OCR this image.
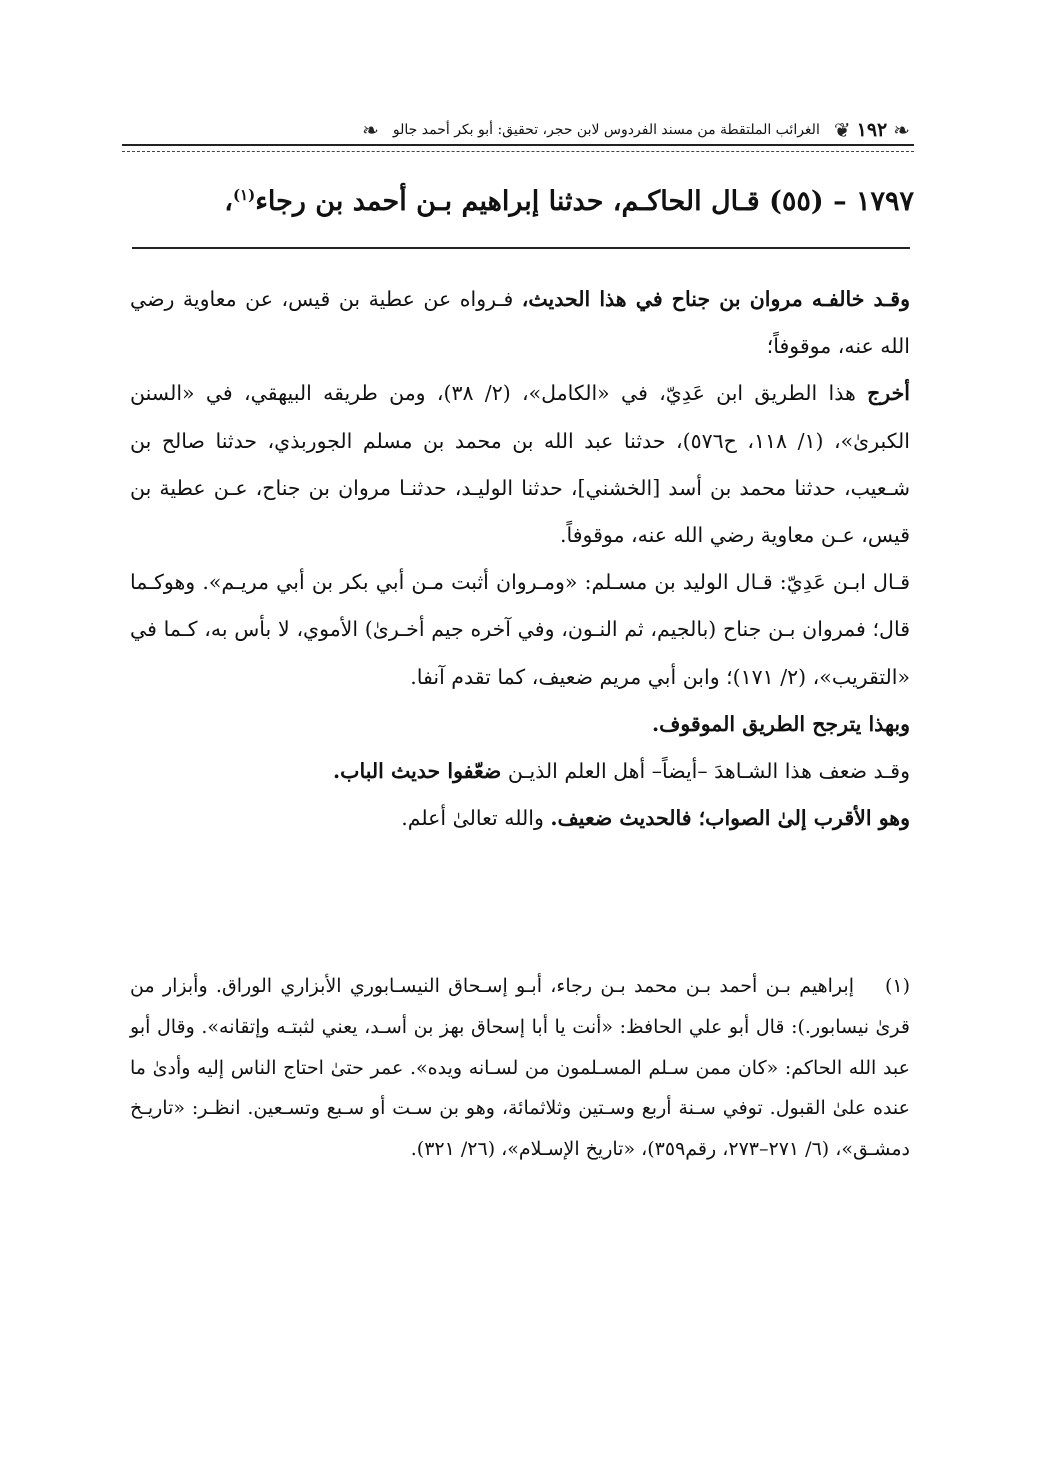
❧
١٩٢
❦
الغرائب الملتقطة من مسند الفردوس لابن حجر، تحقيق: أبو بكر أحمد جالو
❧
١٧٩٧ – (٥٥) قـال الحاكـم، حدثنا إبراهيم بـن أحمد بن رجاء$^{(١)}$،

وقـد خالفـه مروان بن جناح في هذا الحديث، فـرواه عن عطية بن قيس، عن معاوية رضي الله عنه، موقوفاً؛

أخرج هذا الطريق ابن عَدِيّ، في «الكامل»، (٢/ ٣٨)، ومن طريقه البيهقي، في «السنن الكبرىٰ»، (١/ ١١٨، ح٥٧٦)، حدثنا عبد الله بن محمد بن مسلم الجوربذي، حدثنا صالح بن شـعيب، حدثنا محمد بن أسد [الخشني]، حدثنا الوليـد، حدثنـا مروان بن جناح، عـن عطية بن قيس، عـن معاوية رضي الله عنه، موقوفاً.

قـال ابـن عَدِيّ: قـال الوليد بن مسـلم: «ومـروان أثبت مـن أبي بكر بن أبي مريـم». وهوكـما قال؛ فمروان بـن جناح (بالجيم، ثم النـون، وفي آخره جيم أخـرىٰ) الأموي، لا بأس به، كـما في «التقريب»، (٢/ ١٧١)؛ وابن أبي مريم ضعيف، كما تقدم آنفا.

وبهذا يترجح الطريق الموقوف.

وقـد ضعف هذا الشـاهدَ –أيضاً– أهل العلم الذيـن ضعّفوا حديث الباب.

وهو الأقرب إلىٰ الصواب؛ فالحديث ضعيف. والله تعالىٰ أعلم.

(١)إبراهيم بـن أحمد بـن محمد بـن رجاء، أبـو إسـحاق النيسـابوري الأبزاري الوراق. وأبزار من قرىٰ نيسابور.): قال أبو علي الحافظ: «أنت يا أبا إسحاق بهز بن أسـد، يعني لثبتـه وإتقانه». وقال أبو عبد الله الحاكم: «كان ممن سـلم المسـلمون من لسـانه ويده». عمر حتىٰ احتاج الناس إليه وأدىٰ ما عنده علىٰ القبول. توفي سـنة أربع وسـتين وثلاثمائة، وهو بن سـت أو سـبع وتسـعين. انظـر: «تاريـخ دمشـق»، (٦/ ٢٧١–٢٧٣، رقم٣٥٩)، «تاريخ الإسـلام»، (٢٦/ ٣٢١).
